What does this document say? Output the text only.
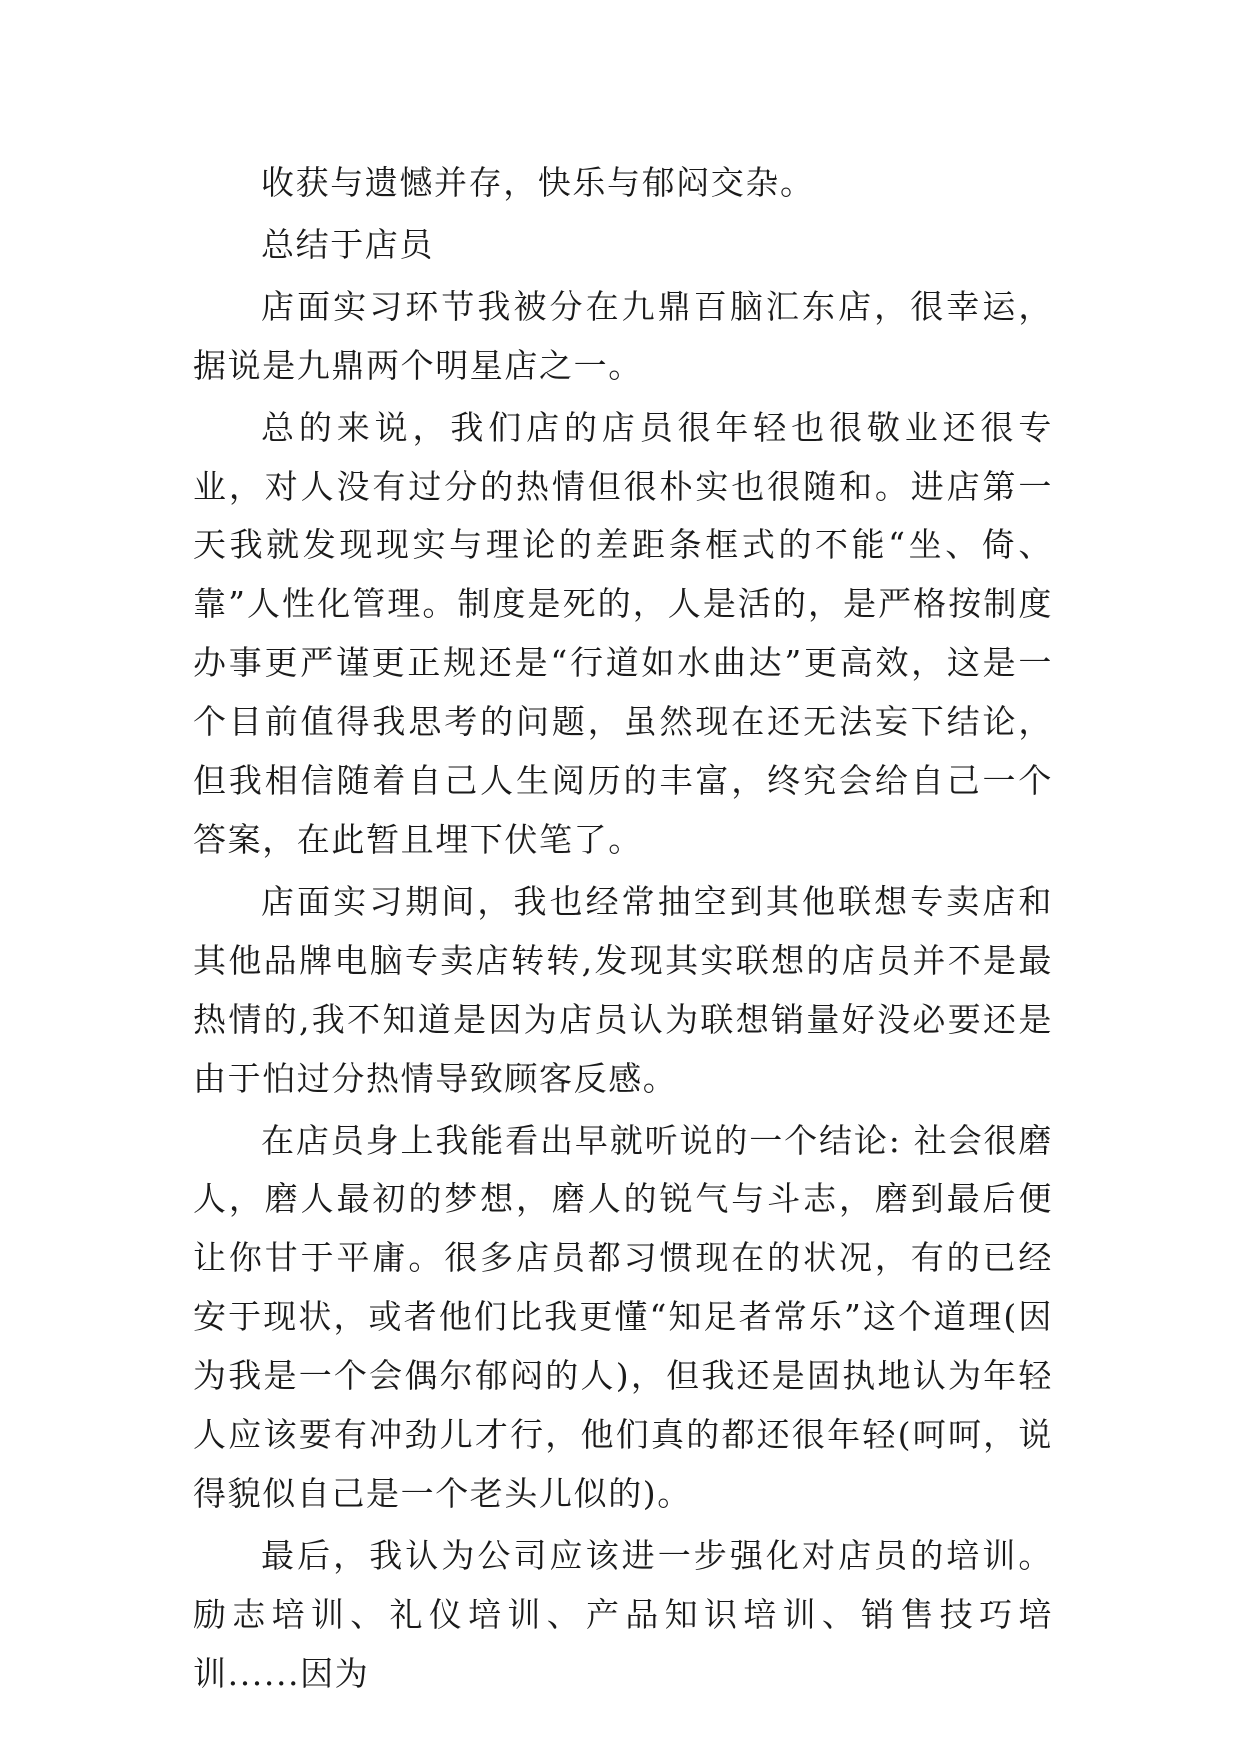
收获与遗憾并存，快乐与郁闷交杂。

总结于店员

店面实习环节我被分在九鼎百脑汇东店，很幸运，据说是九鼎两个明星店之一。

总的来说，我们店的店员很年轻也很敬业还很专业，对人没有过分的热情但很朴实也很随和。进店第一天我就发现现实与理论的差距条框式的不能“坐、倚、靠”人性化管理。制度是死的，人是活的，是严格按制度办事更严谨更正规还是“行道如水曲达”更高效，这是一个目前值得我思考的问题，虽然现在还无法妄下结论，但我相信随着自己人生阅历的丰富，终究会给自己一个答案，在此暂且埋下伏笔了。

店面实习期间，我也经常抽空到其他联想专卖店和其他品牌电脑专卖店转转,发现其实联想的店员并不是最热情的,我不知道是因为店员认为联想销量好没必要还是由于怕过分热情导致顾客反感。

在店员身上我能看出早就听说的一个结论: 社会很磨人，磨人最初的梦想，磨人的锐气与斗志，磨到最后便让你甘于平庸。很多店员都习惯现在的状况，有的已经安于现状，或者他们比我更懂“知足者常乐”这个道理(因为我是一个会偶尔郁闷的人)，但我还是固执地认为年轻人应该要有冲劲儿才行，他们真的都还很年轻(呵呵，说得貌似自己是一个老头儿似的)。

最后，我认为公司应该进一步强化对店员的培训。励志培训、礼仪培训、产品知识培训、销售技巧培训......因为
